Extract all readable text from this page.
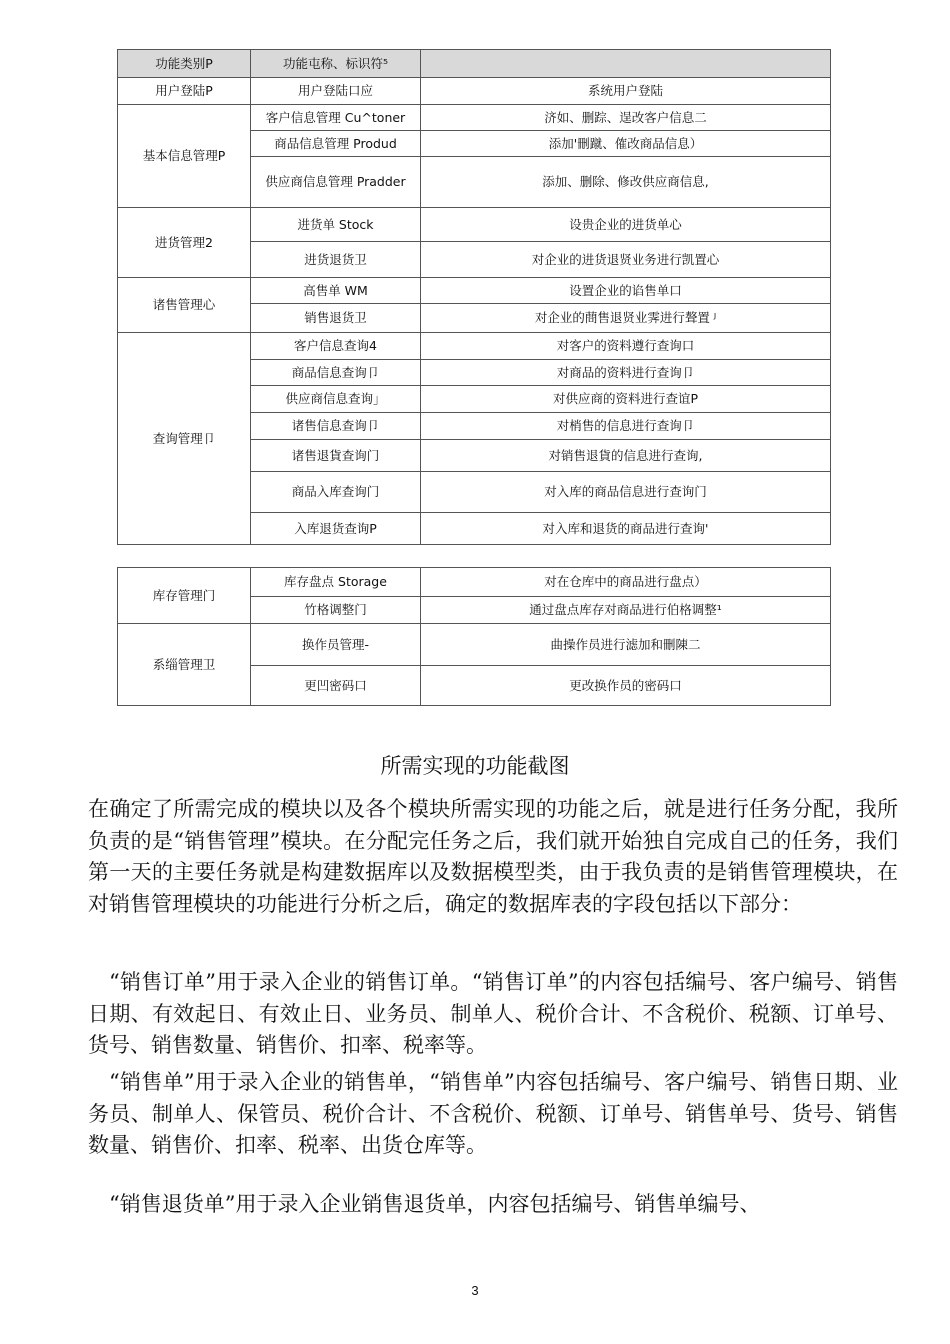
功能类别P	功能屯称、标识符⁵	
用户登陆P	用户登陆口应	系统用户登陆
基本信息管理P	客户信息管理 Cu^toner	济如、删踪、逞改客户信息二
	商品信息管理 Produd	添加'刪蹴、傕改商品信息）
	供应商信息管理 Pradder	添加、删除、修改供应商信息,
进货管理2	进货单 Stock	设贵企业的进货单心
	进货退货卫	对企业的进货退贤业务进行凯置心
诸售管理心	高售单 WM	设置企业的谄售单口
	销售退货卫	对企业的蔄售退贤业霁进行聱置 ᴶ
查询管理卩	客户信息查询4	对客户的资料遵行查询口
	商品信息查询卩	对商品的资料进行查询卩
	供应商信息查询」	对供应商的资料进行查谊P
	诸售信息查询卩	对梢售的信息进行查询卩
	诸售退貨查询门	对销售退貨的信息进行查询,
	商品入库查询门	对入库的商品信息进行查询门
	入库退货查询P	对入库和退货的商品进行查询'
库存管理门	库存盘点 Storage	对在仓库中的商品进行盘点）
	竹格调整门	通过盘点库存对商品进行伯格调整¹
系缁管理卫	换作员管理-	曲操作员进行滤加和刪陳二
	更凹密码口	更改换作员的密码口
所需实现的功能截图
在确定了所需完成的模块以及各个模块所需实现的功能之后，就是进行任务分配，我所负责的是“销售管理”模块。在分配完任务之后，我们就开始独自完成自己的任务，我们第一天的主要任务就是构建数据库以及数据模型类，由于我负责的是销售管理模块，在对销售管理模块的功能进行分析之后，确定的数据库表的字段包括以下部分：
“销售订单”用于录入企业的销售订单。“销售订单”的内容包括编号、客户编号、销售日期、有效起日、有效止日、业务员、制单人、税价合计、不含税价、税额、订单号、货号、销售数量、销售价、扣率、税率等。
“销售单”用于录入企业的销售单，“销售单”内容包括编号、客户编号、销售日期、业务员、制单人、保管员、税价合计、不含税价、税额、订单号、销售单号、货号、销售数量、销售价、扣率、税率、出货仓库等。
“销售退货单”用于录入企业销售退货单，内容包括编号、销售单编号、
3
